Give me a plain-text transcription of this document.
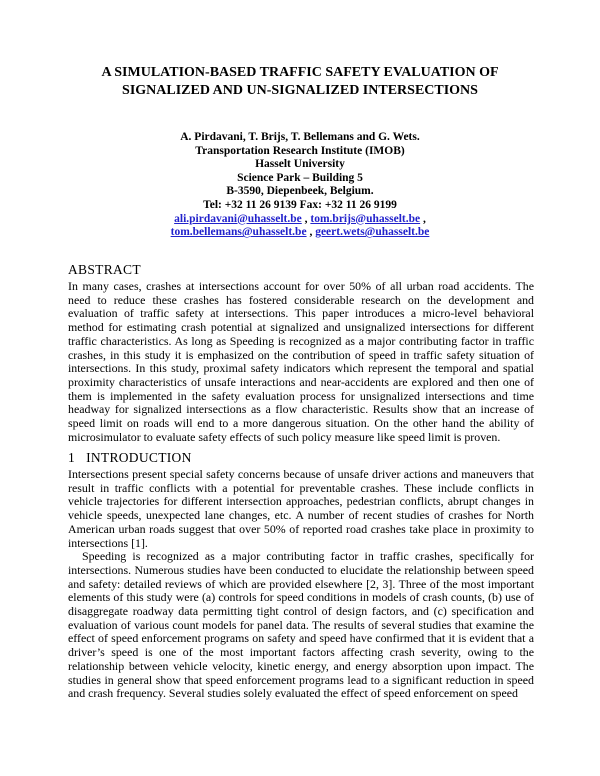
A SIMULATION-BASED TRAFFIC SAFETY EVALUATION OF
SIGNALIZED AND UN-SIGNALIZED INTERSECTIONS
A. Pirdavani, T. Brijs, T. Bellemans and G. Wets.
Transportation Research Institute (IMOB)
Hasselt University
Science Park – Building 5
B-3590, Diepenbeek, Belgium.
Tel: +32 11 26 9139 Fax: +32 11 26 9199
ali.pirdavani@uhasselt.be , tom.brijs@uhasselt.be ,
tom.bellemans@uhasselt.be , geert.wets@uhasselt.be
ABSTRACT

In many cases, crashes at intersections account for over 50% of all urban road accidents. The need to reduce these crashes has fostered considerable research on the development and evaluation of traffic safety at intersections. This paper introduces a micro-level behavioral method for estimating crash potential at signalized and unsignalized intersections for different traffic characteristics. As long as Speeding is recognized as a major contributing factor in traffic crashes, in this study it is emphasized on the contribution of speed in traffic safety situation of intersections. In this study, proximal safety indicators which represent the temporal and spatial proximity characteristics of unsafe interactions and near-accidents are explored and then one of them is implemented in the safety evaluation process for unsignalized intersections and time headway for signalized intersections as a flow characteristic. Results show that an increase of speed limit on roads will end to a more dangerous situation. On the other hand the ability of microsimulator to evaluate safety effects of such policy measure like speed limit is proven.

1 INTRODUCTION

Intersections present special safety concerns because of unsafe driver actions and maneuvers that result in traffic conflicts with a potential for preventable crashes. These include conflicts in vehicle trajectories for different intersection approaches, pedestrian conflicts, abrupt changes in vehicle speeds, unexpected lane changes, etc. A number of recent studies of crashes for North American urban roads suggest that over 50% of reported road crashes take place in proximity to intersections [1].

Speeding is recognized as a major contributing factor in traffic crashes, specifically for intersections. Numerous studies have been conducted to elucidate the relationship between speed and safety: detailed reviews of which are provided elsewhere [2, 3]. Three of the most important elements of this study were (a) controls for speed conditions in models of crash counts, (b) use of disaggregate roadway data permitting tight control of design factors, and (c) specification and evaluation of various count models for panel data. The results of several studies that examine the effect of speed enforcement programs on safety and speed have confirmed that it is evident that a driver’s speed is one of the most important factors affecting crash severity, owing to the relationship between vehicle velocity, kinetic energy, and energy absorption upon impact. The studies in general show that speed enforcement programs lead to a significant reduction in speed and crash frequency. Several studies solely evaluated the effect of speed enforcement on speed
